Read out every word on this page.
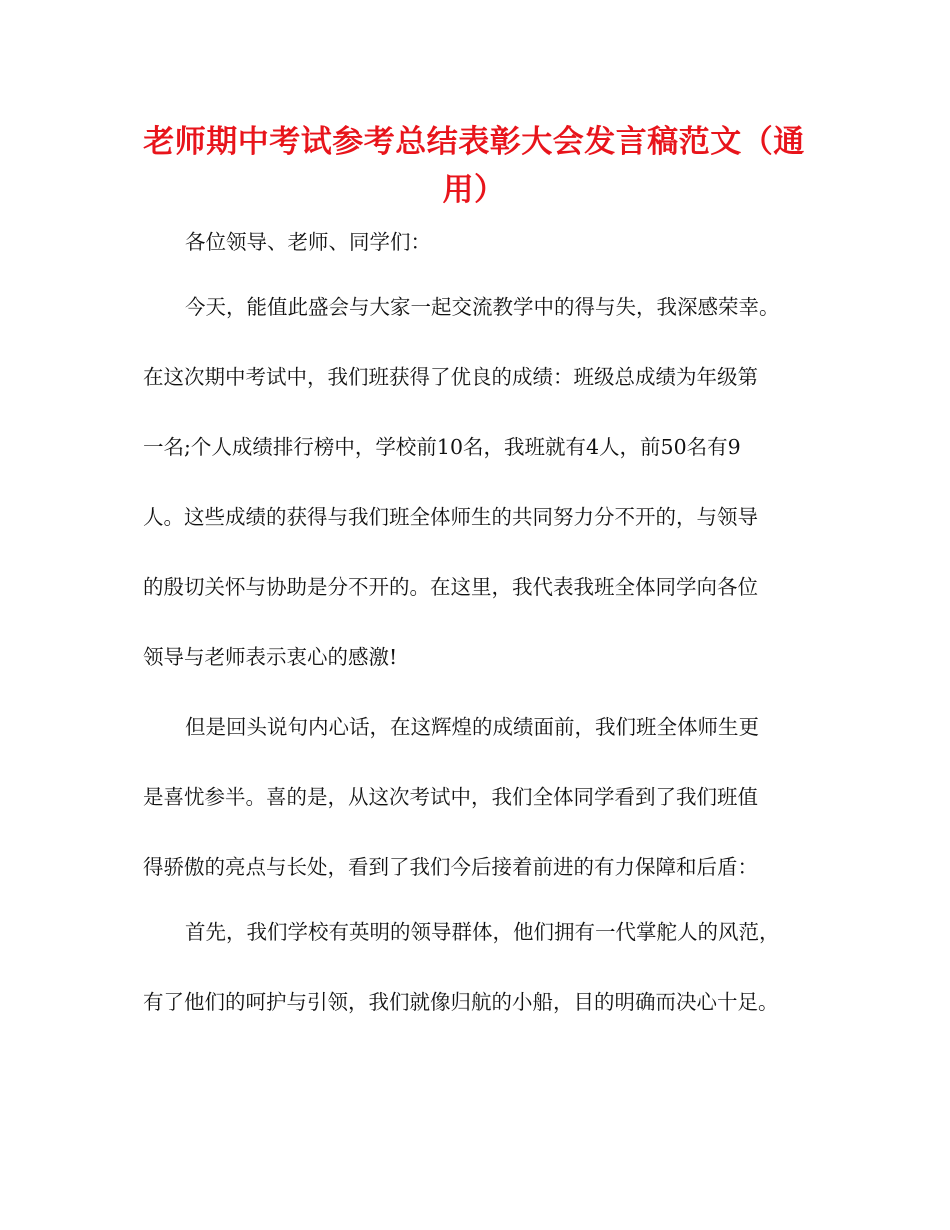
老师期中考试参考总结表彰大会发言稿范文（通用）

各位领导、老师、同学们：

今天，能值此盛会与大家一起交流教学中的得与失，我深感荣幸。

在这次期中考试中，我们班获得了优良的成绩：班级总成绩为年级第

一名;个人成绩排行榜中，学校前10名，我班就有4人，前50名有9

人。这些成绩的获得与我们班全体师生的共同努力分不开的，与领导

的殷切关怀与协助是分不开的。在这里，我代表我班全体同学向各位

领导与老师表示衷心的感激!

但是回头说句内心话，在这辉煌的成绩面前，我们班全体师生更

是喜忧参半。喜的是，从这次考试中，我们全体同学看到了我们班值

得骄傲的亮点与长处，看到了我们今后接着前进的有力保障和后盾：

首先，我们学校有英明的领导群体，他们拥有一代掌舵人的风范，

有了他们的呵护与引领，我们就像归航的小船，目的明确而决心十足。
